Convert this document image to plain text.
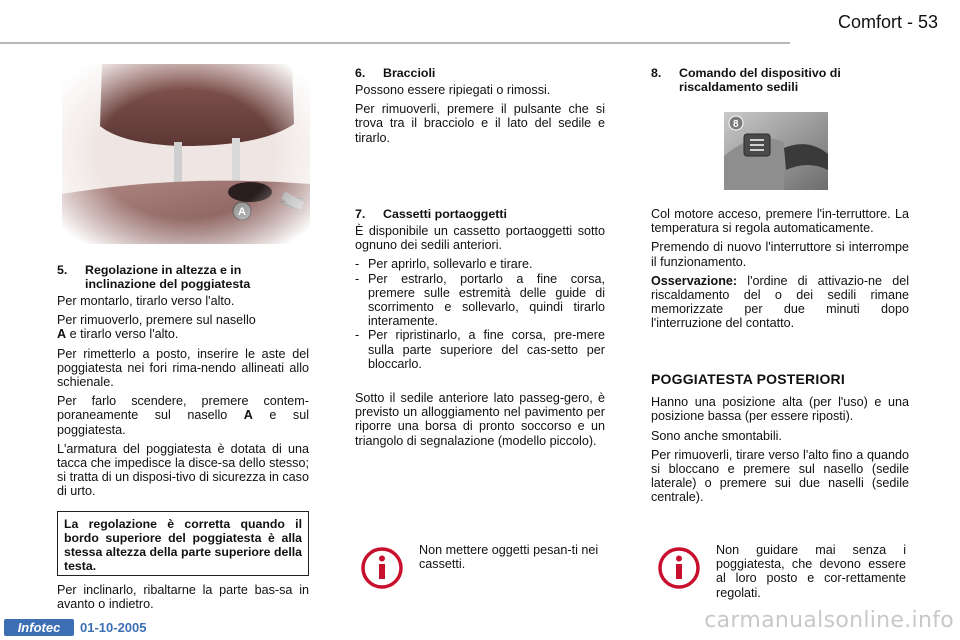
Comfort - 53
5.	Regolazione in altezza e in
inclinazione del poggiatesta

Per montarlo, tirarlo verso l'alto.

Per rimuoverlo, premere sul nasello
A e tirarlo verso l'alto.

Per rimetterlo a posto, inserire le aste del poggiatesta nei fori rima-nendo allineati allo schienale.

Per farlo scendere, premere contem-poraneamente sul nasello A e sul poggiatesta.

L'armatura del poggiatesta è dotata di una tacca che impedisce la disce-sa dello stesso; si tratta di un disposi-tivo di sicurezza in caso di urto.

La regolazione è corretta quando il bordo superiore del poggiatesta è alla stessa altezza della parte superiore della testa.
Per inclinarlo, ribaltarne la parte bas-sa in avanto o indietro.
6.	Braccioli

Possono essere ripiegati o rimossi.

Per rimuoverli, premere il pulsante che si trova tra il bracciolo e il lato del sedile e tirarlo.

7.	Cassetti portaoggetti

È disponibile un cassetto portaoggetti sotto ognuno dei sedili anteriori.

- Per aprirlo, sollevarlo e tirare.
- Per estrarlo, portarlo a fine corsa, premere sulle estremità delle guide di scorrimento e sollevarlo, quindi tirarlo interamente.
- Per ripristinarlo, a fine corsa, pre-mere sulla parte superiore del cas-setto per bloccarlo.

Sotto il sedile anteriore lato passeg-gero, è previsto un alloggiamento nel pavimento per riporre una borsa di pronto soccorso e un triangolo di segnalazione (modello piccolo).

Non mettere oggetti pesan-ti nei cassetti.
8.	Comando del dispositivo di
riscaldamento sedili
8

Col motore acceso, premere l'in-terruttore. La temperatura si regola automaticamente.

Premendo di nuovo l'interruttore si interrompe il funzionamento.

Osservazione: l'ordine di attivazio-ne del riscaldamento del o dei sedili rimane memorizzate per due minuti dopo l'interruzione del contatto.

POGGIATESTA POSTERIORI

Hanno una posizione alta (per l'uso) e una posizione bassa (per essere riposti).

Sono anche smontabili.

Per rimuoverli, tirare verso l'alto fino a quando si bloccano e premere sul nasello (sedile laterale) o premere sui due naselli (sedile centrale).

Non guidare mai senza i poggiatesta, che devono essere al loro posto e cor-rettamente regolati.
Infotec	01-10-2005	carmanualsonline.info
